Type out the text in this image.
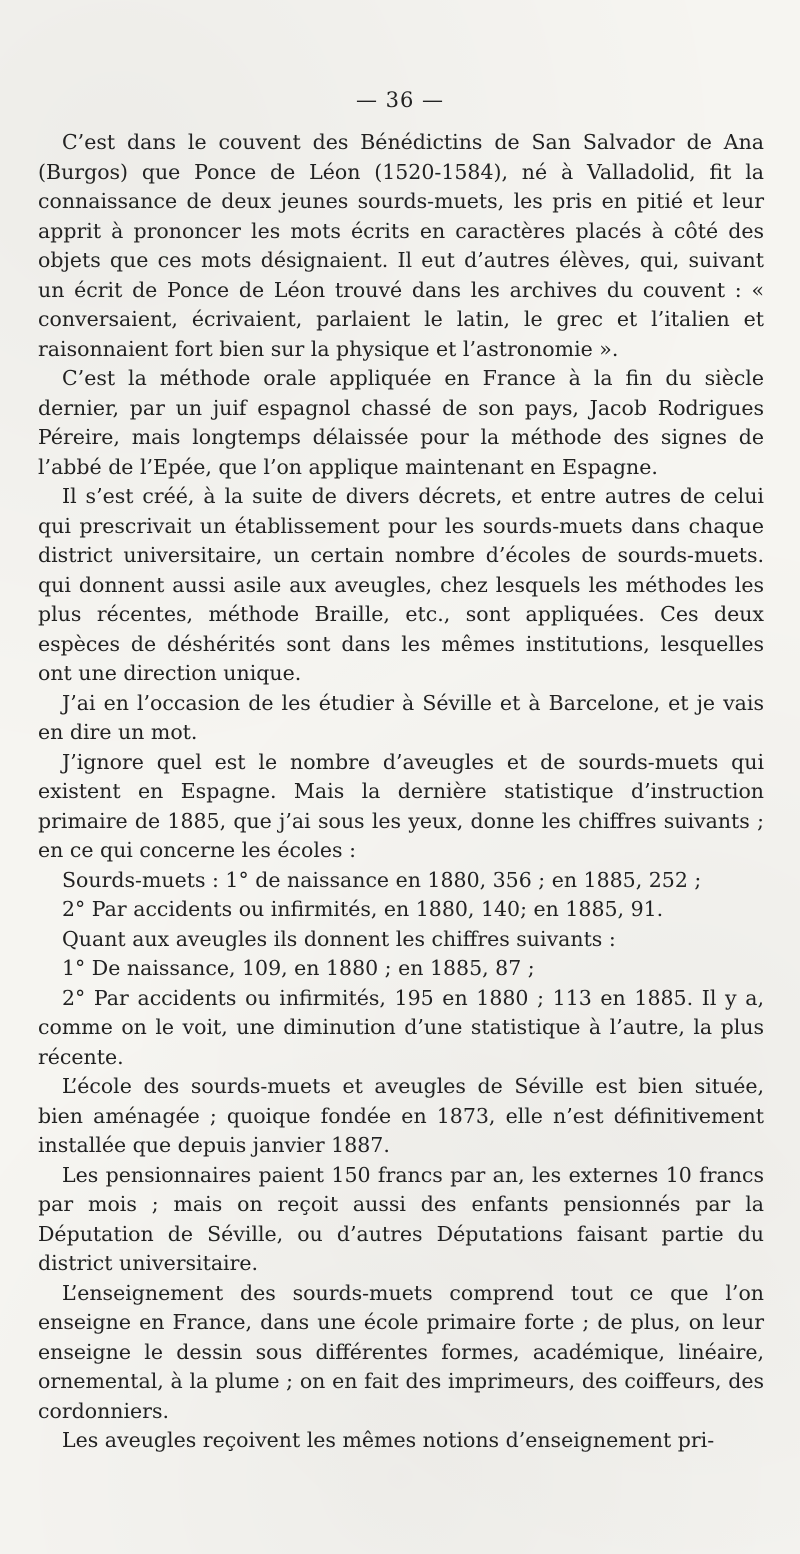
— 36 —

C’est dans le couvent des Bénédictins de San Salvador de Ana (Burgos) que Ponce de Léon (1520-1584), né à Valladolid, fit la connaissance de deux jeunes sourds-muets, les pris en pitié et leur apprit à prononcer les mots écrits en caractères placés à côté des objets que ces mots désignaient. Il eut d’autres élèves, qui, suivant un écrit de Ponce de Léon trouvé dans les archives du couvent : « conversaient, écrivaient, parlaient le latin, le grec et l’italien et raisonnaient fort bien sur la physique et l’astronomie ».

C’est la méthode orale appliquée en France à la fin du siècle dernier, par un juif espagnol chassé de son pays, Jacob Rodrigues Péreire, mais longtemps délaissée pour la méthode des signes de l’abbé de l’Epée, que l’on applique maintenant en Espagne.

Il s’est créé, à la suite de divers décrets, et entre autres de celui qui prescrivait un établissement pour les sourds-muets dans chaque district universitaire, un certain nombre d’écoles de sourds-muets. qui donnent aussi asile aux aveugles, chez lesquels les méthodes les plus récentes, méthode Braille, etc., sont appliquées. Ces deux espèces de déshérités sont dans les mêmes institutions, lesquelles ont une direction unique.

J’ai en l’occasion de les étudier à Séville et à Barcelone, et je vais en dire un mot.

J’ignore quel est le nombre d’aveugles et de sourds-muets qui existent en Espagne. Mais la dernière statistique d’instruction primaire de 1885, que j’ai sous les yeux, donne les chiffres suivants ; en ce qui concerne les écoles :

Sourds-muets : 1° de naissance en 1880, 356 ; en 1885, 252 ;

2° Par accidents ou infirmités, en 1880, 140; en 1885, 91.

Quant aux aveugles ils donnent les chiffres suivants :

1° De naissance, 109, en 1880 ; en 1885, 87 ;

2° Par accidents ou infirmités, 195 en 1880 ; 113 en 1885. Il y a, comme on le voit, une diminution d’une statistique à l’autre, la plus récente.

L’école des sourds-muets et aveugles de Séville est bien située, bien aménagée ; quoique fondée en 1873, elle n’est définitivement installée que depuis janvier 1887.

Les pensionnaires paient 150 francs par an, les externes 10 francs par mois ; mais on reçoit aussi des enfants pensionnés par la Députation de Séville, ou d’autres Députations faisant partie du district universitaire.

L’enseignement des sourds-muets comprend tout ce que l’on enseigne en France, dans une école primaire forte ; de plus, on leur enseigne le dessin sous différentes formes, académique, linéaire, ornemental, à la plume ; on en fait des imprimeurs, des coiffeurs, des cordonniers.

Les aveugles reçoivent les mêmes notions d’enseignement pri-
